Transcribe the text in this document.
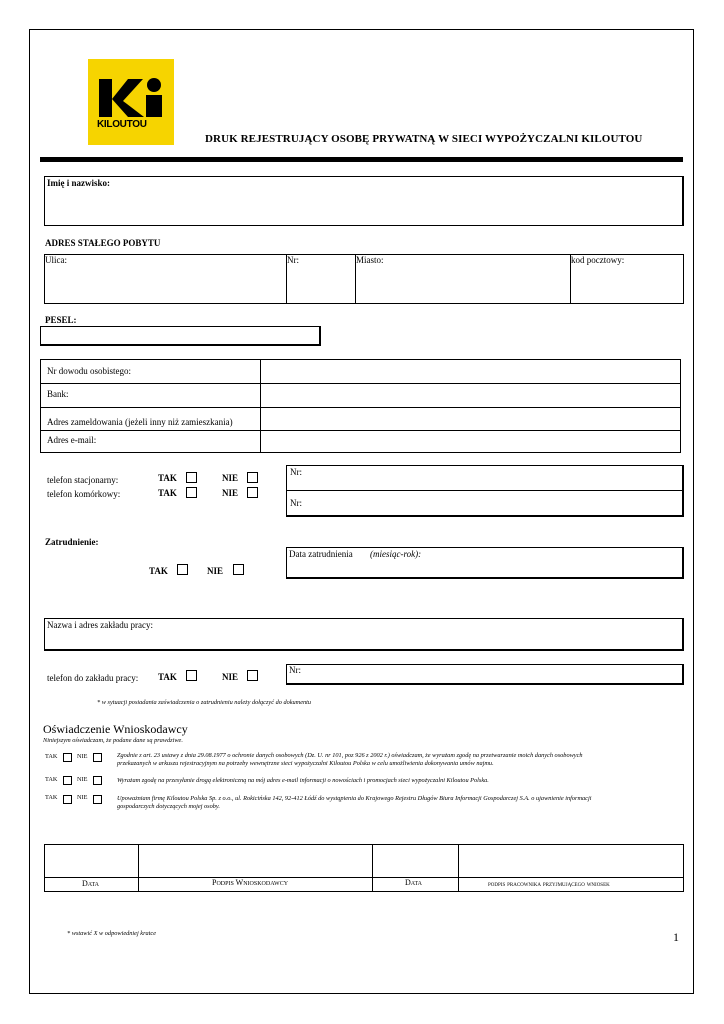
KILOUTOU
DRUK REJESTRUJĄCY OSOBĘ PRYWATNĄ W SIECI WYPOŻYCZALNI KILOUTOU
Imię i nazwisko:
ADRES STAŁEGO POBYTU
Ulica:	Nr:	Miasto:	kod pocztowy:
PESEL:
Nr dowodu osobistego:
Bank:
Adres zameldowania (jeżeli inny niż zamieszkania)
Adres e-mail:
telefon stacjonarny:	TAK	NIE
telefon komórkowy:	TAK	NIE
Nr:
Nr:
Zatrudnienie:
TAK	NIE
Data zatrudnienia (miesiąc-rok):
Nazwa i adres zakładu pracy:
telefon do zakładu pracy: TAK	NIE
Nr:
* w sytuacji posiadania zaświadczenia o zatrudnieniu należy dołączyć do dokumentu
Oświadczenie Wnioskodawcy
Niniejszym oświadczam, że podane dane są prawdziwe.
TAK	NIE	Zgodnie z art. 23 ustawy z dnia 29.08.1977 o ochronie danych osobowych (Dz. U. nr 101, poz 926 z 2002 r.) oświadczam, że wyrażam zgodę na przetwarzanie moich danych osobowych
przekazanych w arkuszu rejestracyjnym na potrzeby wewnętrzne sieci wypożyczalni Kiloutou Polska w celu umożliwienia dokonywania umów najmu.
TAK	NIE	Wyrażam zgodę na przesyłanie drogą elektroniczną na mój adres e-mail informacji o nowościach i promocjach sieci wypożyczalni Kiloutou Polska.
TAK	NIE	Upoważniam firmę Kiloutou Polska Sp. z o.o., ul. Rokicińska 142, 92-412 Łódź do wystąpienia do Krajowego Rejestru Długów Biura Informacji Gospodarczej S.A. o ujawnienie informacji
gospodarczych dotyczących mojej osoby.
Data	Podpis Wnioskodawcy	Data	podpis pracownika przyjmującego wniosek
* wstawić X w odpowiedniej kratce	1
